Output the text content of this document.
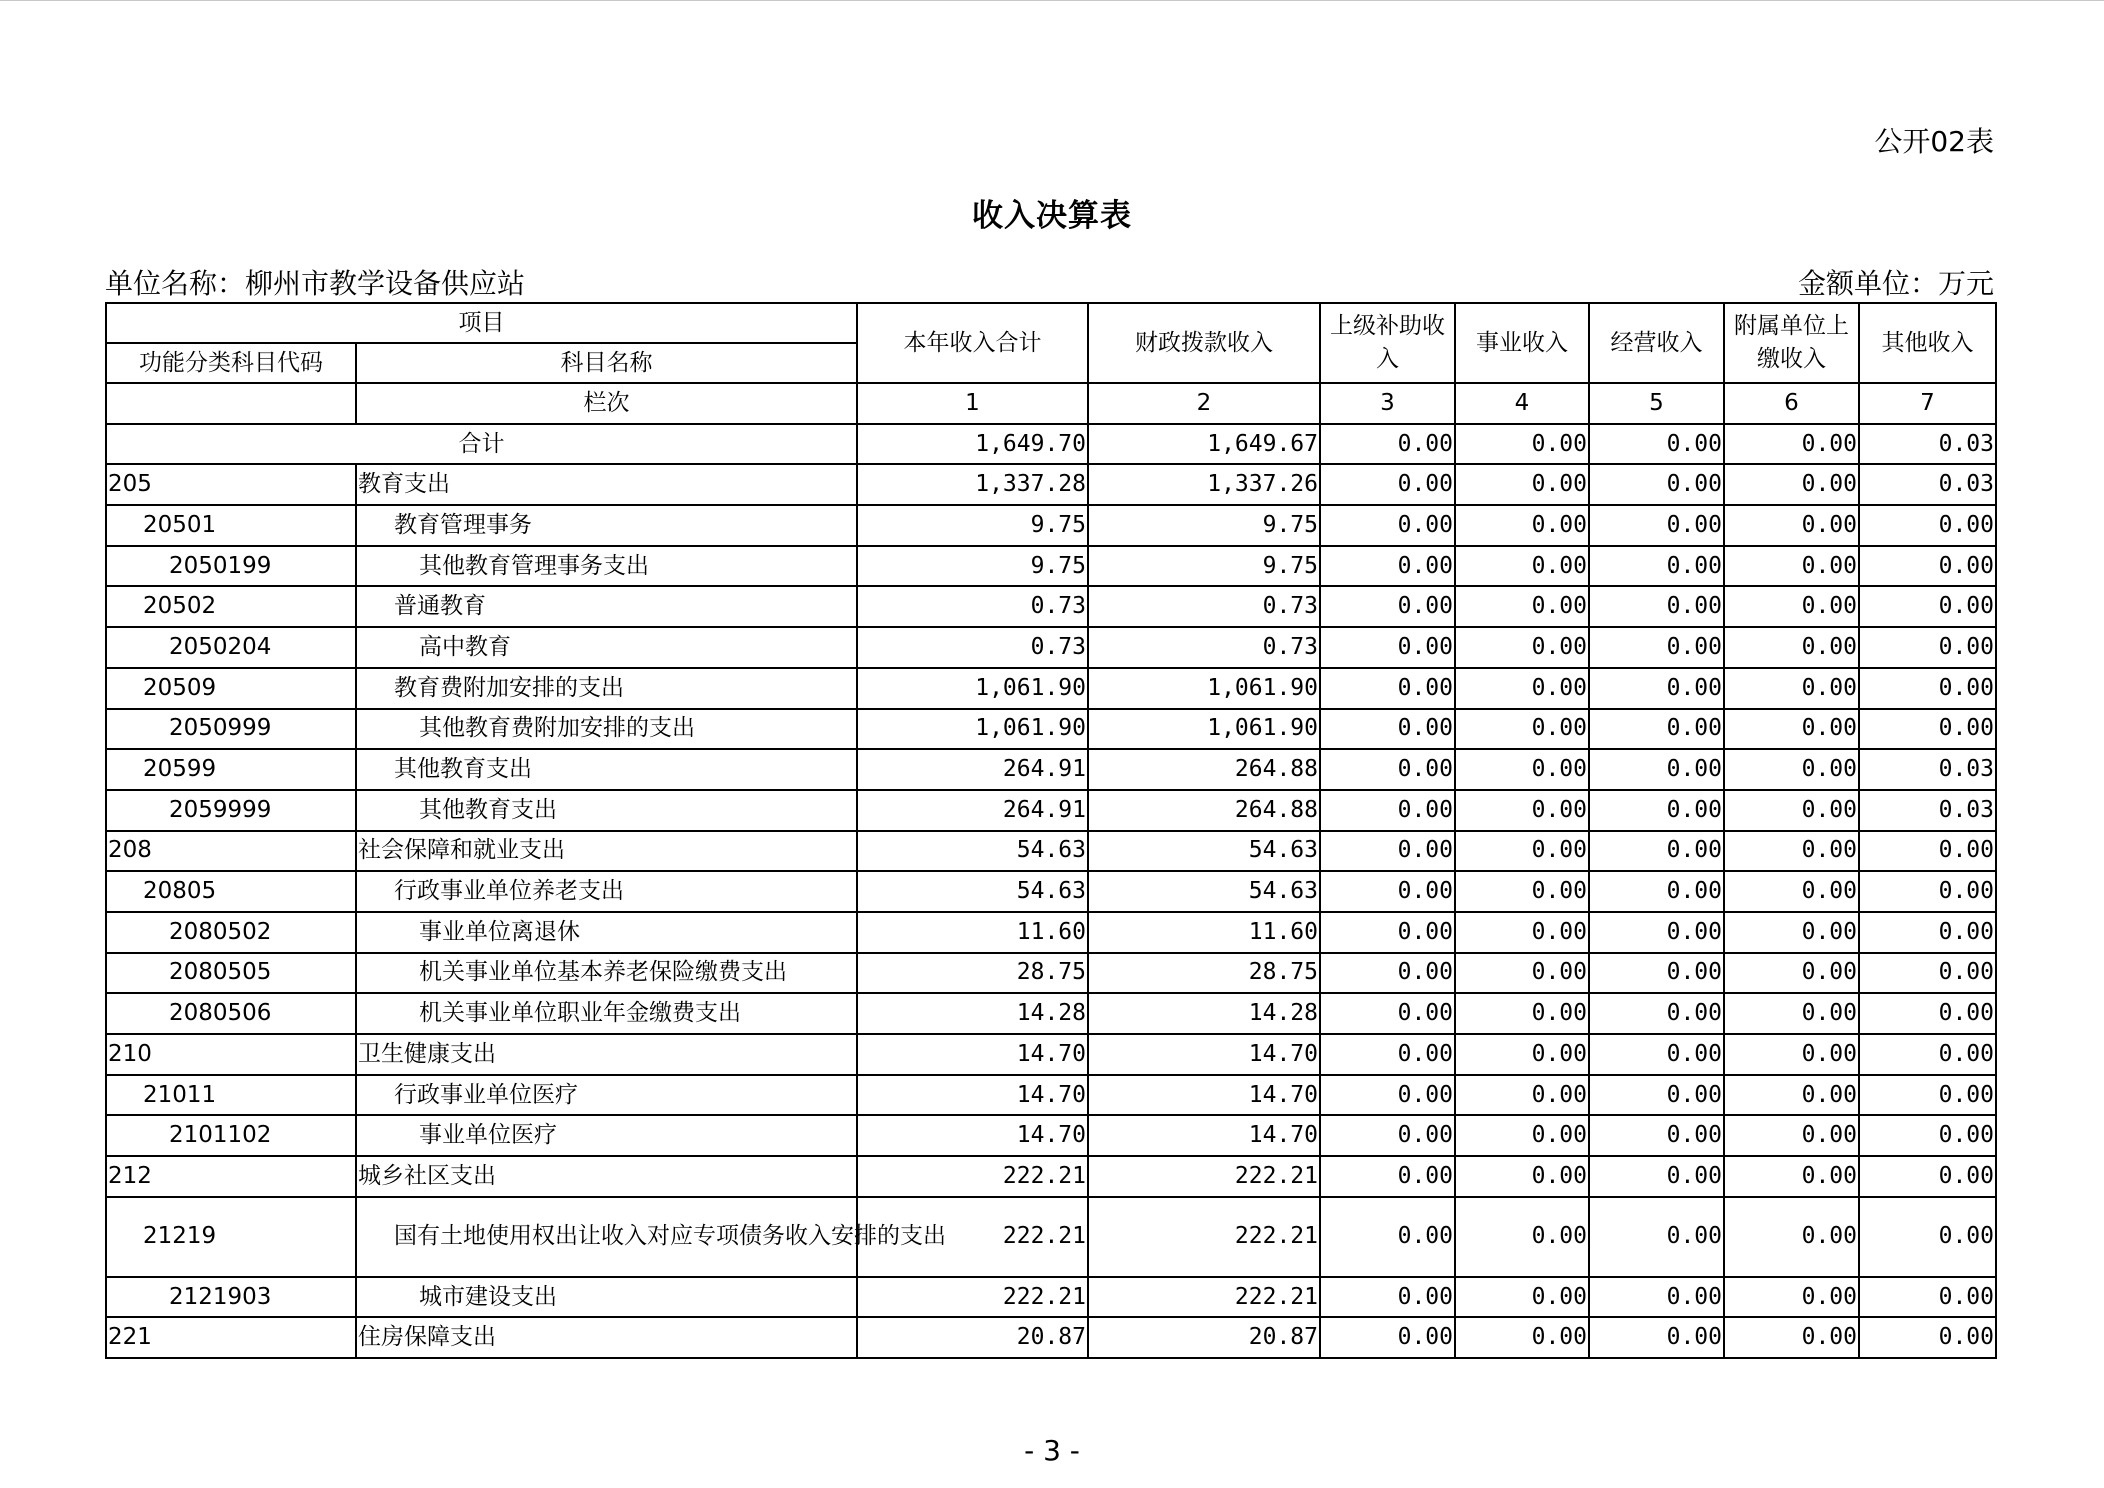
公开02表
收入决算表
单位名称：柳州市教学设备供应站	金额单位：万元
项目		本年收入合计	财政拨款收入	上级补助收入	事业收入	经营收入	附属单位上缴收入	其他收入
功能分类科目代码	科目名称							
	栏次	1	2	3	4	5	6	7
合计		1,649.70	1,649.67	0.00	0.00	0.00	0.00	0.03
205	教育支出	1,337.28	1,337.26	0.00	0.00	0.00	0.00	0.03
20501	教育管理事务	9.75	9.75	0.00	0.00	0.00	0.00	0.00
2050199	其他教育管理事务支出	9.75	9.75	0.00	0.00	0.00	0.00	0.00
20502	普通教育	0.73	0.73	0.00	0.00	0.00	0.00	0.00
2050204	高中教育	0.73	0.73	0.00	0.00	0.00	0.00	0.00
20509	教育费附加安排的支出	1,061.90	1,061.90	0.00	0.00	0.00	0.00	0.00
2050999	其他教育费附加安排的支出	1,061.90	1,061.90	0.00	0.00	0.00	0.00	0.00
20599	其他教育支出	264.91	264.88	0.00	0.00	0.00	0.00	0.03
2059999	其他教育支出	264.91	264.88	0.00	0.00	0.00	0.00	0.03
208	社会保障和就业支出	54.63	54.63	0.00	0.00	0.00	0.00	0.00
20805	行政事业单位养老支出	54.63	54.63	0.00	0.00	0.00	0.00	0.00
2080502	事业单位离退休	11.60	11.60	0.00	0.00	0.00	0.00	0.00
2080505	机关事业单位基本养老保险缴费支出	28.75	28.75	0.00	0.00	0.00	0.00	0.00
2080506	机关事业单位职业年金缴费支出	14.28	14.28	0.00	0.00	0.00	0.00	0.00
210	卫生健康支出	14.70	14.70	0.00	0.00	0.00	0.00	0.00
21011	行政事业单位医疗	14.70	14.70	0.00	0.00	0.00	0.00	0.00
2101102	事业单位医疗	14.70	14.70	0.00	0.00	0.00	0.00	0.00
212	城乡社区支出	222.21	222.21	0.00	0.00	0.00	0.00	0.00
21219	国有土地使用权出让收入对应专项债务收入安排的支出	222.21	222.21	0.00	0.00	0.00	0.00	0.00
2121903	城市建设支出	222.21	222.21	0.00	0.00	0.00	0.00	0.00
221	住房保障支出	20.87	20.87	0.00	0.00	0.00	0.00	0.00
- 3 -
